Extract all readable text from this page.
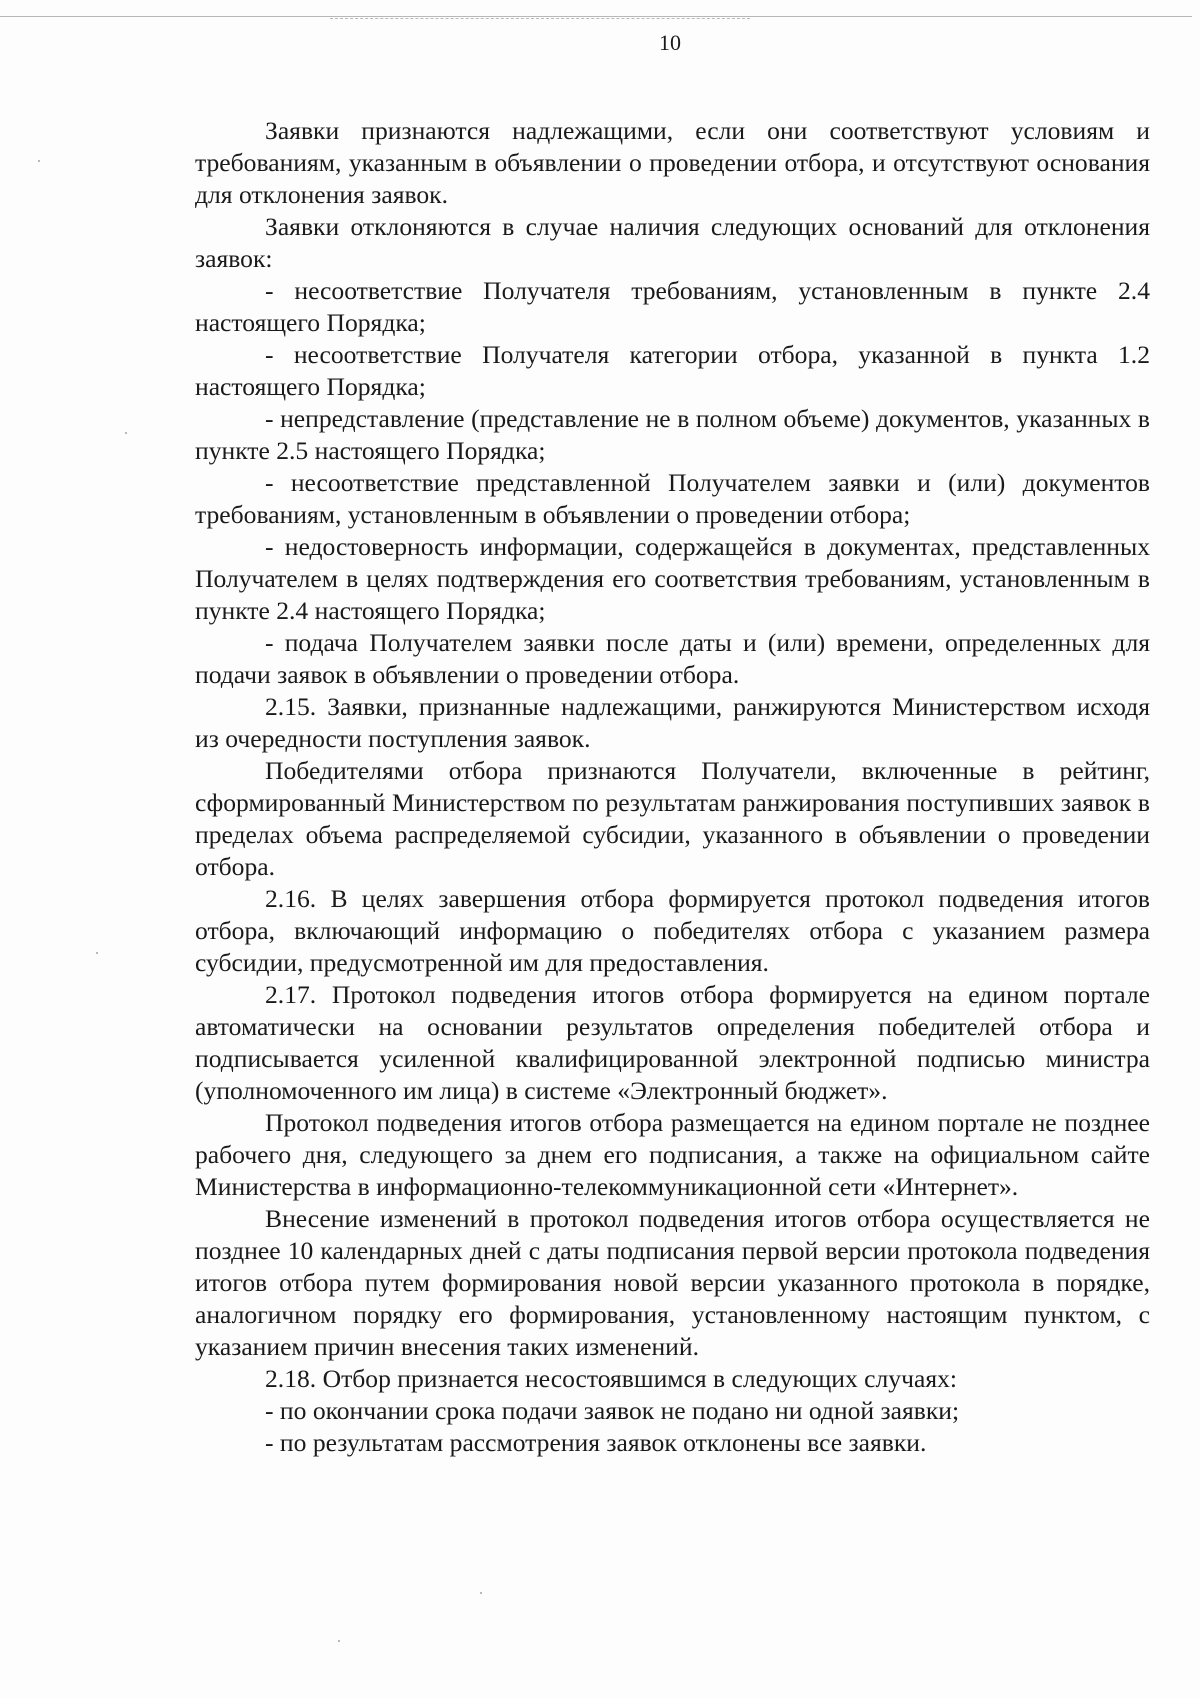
10

Заявки признаются надлежащими, если они соответствуют условиям и требованиям, указанным в объявлении о проведении отбора, и отсутствуют основания для отклонения заявок.

Заявки отклоняются в случае наличия следующих оснований для отклонения заявок:

- несоответствие Получателя требованиям, установленным в пункте 2.4 настоящего Порядка;

- несоответствие Получателя категории отбора, указанной в пункта 1.2 настоящего Порядка;

- непредставление (представление не в полном объеме) документов, указанных в пункте 2.5 настоящего Порядка;

- несоответствие представленной Получателем заявки и (или) документов требованиям, установленным в объявлении о проведении отбора;

- недостоверность информации, содержащейся в документах, представленных Получателем в целях подтверждения его соответствия требованиям, установленным в пункте 2.4 настоящего Порядка;

- подача Получателем заявки после даты и (или) времени, определенных для подачи заявок в объявлении о проведении отбора.

2.15. Заявки, признанные надлежащими, ранжируются Министерством исходя из очередности поступления заявок.

Победителями отбора признаются Получатели, включенные в рейтинг, сформированный Министерством по результатам ранжирования поступивших заявок в пределах объема распределяемой субсидии, указанного в объявлении о проведении отбора.

2.16. В целях завершения отбора формируется протокол подведения итогов отбора, включающий информацию о победителях отбора с указанием размера субсидии, предусмотренной им для предоставления.

2.17. Протокол подведения итогов отбора формируется на едином портале автоматически на основании результатов определения победителей отбора и подписывается усиленной квалифицированной электронной подписью министра (уполномоченного им лица) в системе «Электронный бюджет».

Протокол подведения итогов отбора размещается на едином портале не позднее рабочего дня, следующего за днем его подписания, а также на официальном сайте Министерства в информационно-телекоммуникационной сети «Интернет».

Внесение изменений в протокол подведения итогов отбора осуществляется не позднее 10 календарных дней с даты подписания первой версии протокола подведения итогов отбора путем формирования новой версии указанного протокола в порядке, аналогичном порядку его формирования, установленному настоящим пунктом, с указанием причин внесения таких изменений.

2.18. Отбор признается несостоявшимся в следующих случаях:

- по окончании срока подачи заявок не подано ни одной заявки;

- по результатам рассмотрения заявок отклонены все заявки.
